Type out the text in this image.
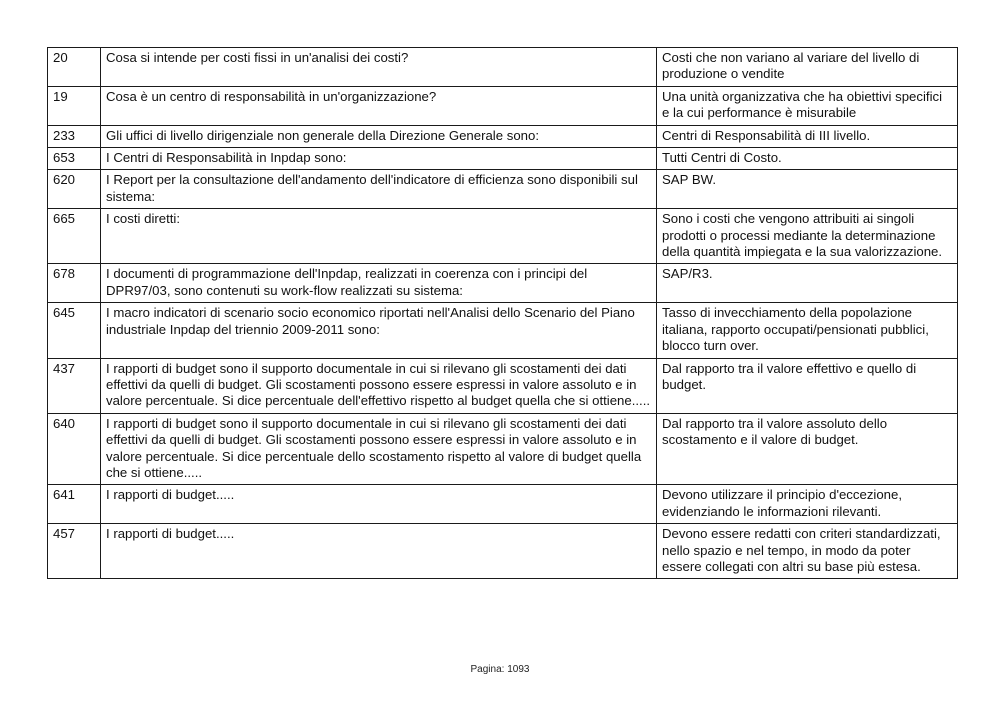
20	Cosa si intende per costi fissi in un'analisi dei costi?	Costi che non variano al variare del livello di produzione o vendite
19	Cosa è un centro di responsabilità in un'organizzazione?	Una unità organizzativa che ha obiettivi specifici e la cui performance è misurabile
233	Gli uffici di livello dirigenziale non generale della Direzione Generale sono:	Centri di Responsabilità di III livello.
653	I Centri di Responsabilità in Inpdap sono:	Tutti Centri di Costo.
620	I Report per la consultazione dell'andamento dell'indicatore di efficienza sono disponibili sul sistema:	SAP BW.
665	I costi diretti:	Sono i costi che vengono attribuiti ai singoli prodotti o processi mediante la determinazione della quantità impiegata e la sua valorizzazione.
678	I documenti di programmazione dell'Inpdap, realizzati in coerenza con i principi del DPR97/03, sono contenuti su work-flow realizzati su sistema:	SAP/R3.
645	I macro indicatori di scenario socio economico riportati nell'Analisi dello Scenario del Piano industriale Inpdap del triennio 2009-2011 sono:	Tasso di invecchiamento della popolazione italiana, rapporto occupati/pensionati pubblici, blocco turn over.
437	I rapporti di budget sono il supporto documentale in cui si rilevano gli scostamenti dei dati effettivi da quelli di budget. Gli scostamenti possono essere espressi in valore assoluto e in valore percentuale. Si dice percentuale dell'effettivo rispetto al budget quella che si ottiene.....	Dal rapporto tra il valore effettivo e quello di budget.
640	I rapporti di budget sono il supporto documentale in cui si rilevano gli scostamenti dei dati effettivi da quelli di budget. Gli scostamenti possono essere espressi in valore assoluto e in valore percentuale. Si dice percentuale dello scostamento rispetto al valore di budget quella che si ottiene.....	Dal rapporto tra il valore assoluto dello scostamento e il valore di budget.
641	I rapporti di budget.....	Devono utilizzare il principio d'eccezione, evidenziando le informazioni rilevanti.
457	I rapporti di budget.....	Devono essere redatti con criteri standardizzati, nello spazio e nel tempo, in modo da poter essere collegati con altri su base più estesa.
Pagina: 1093
